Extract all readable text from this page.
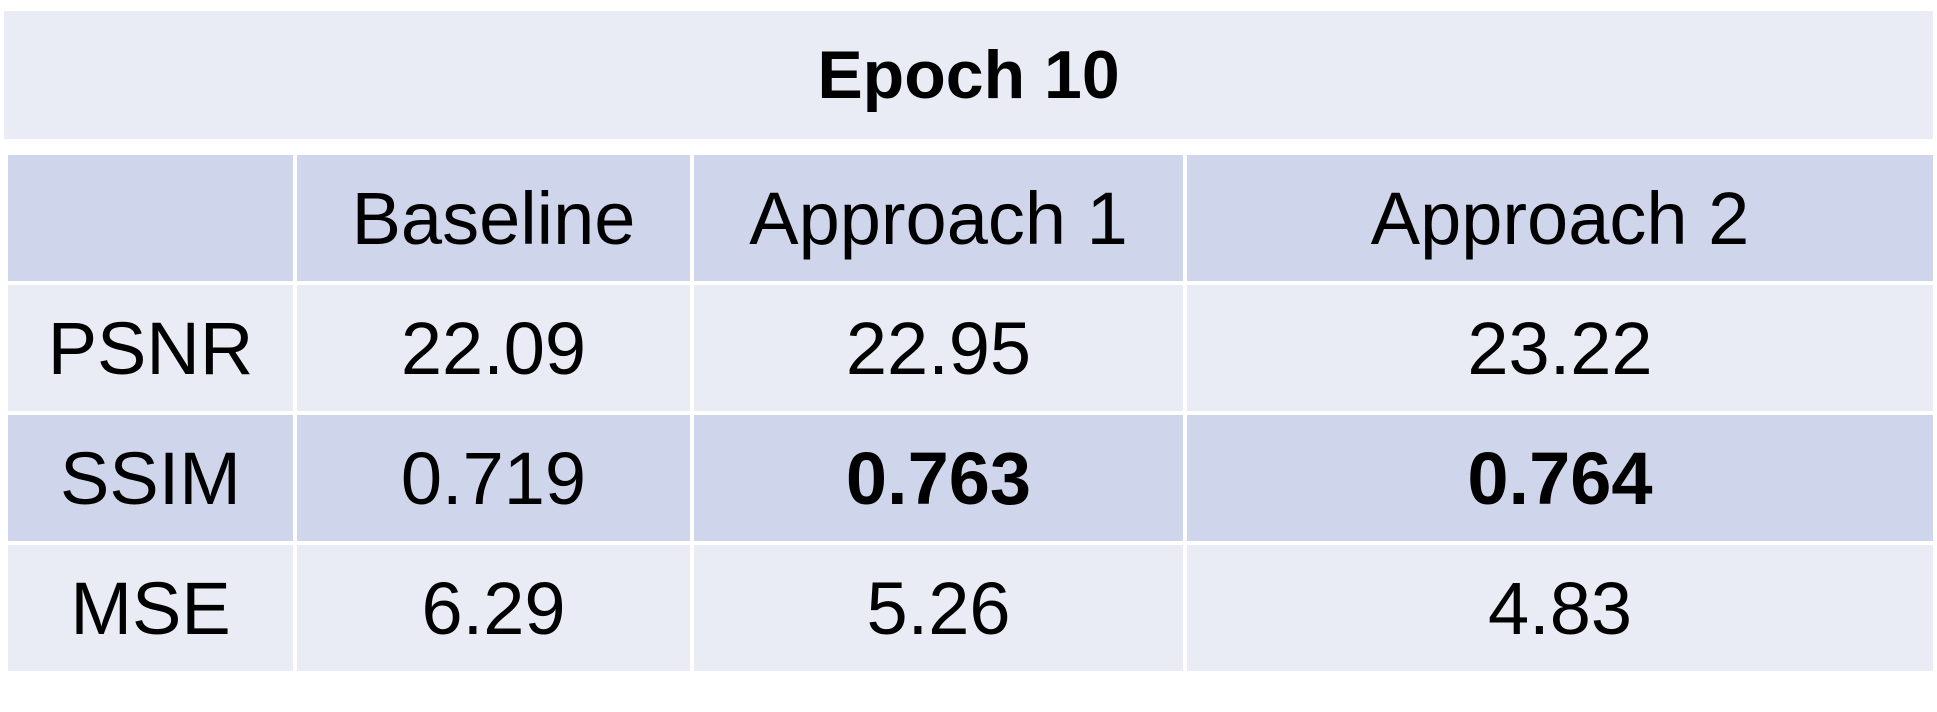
Epoch 10
	Baseline	Approach 1	Approach 2
PSNR	22.09	22.95	23.22
SSIM	0.719	0.763	0.764
MSE	6.29	5.26	4.83
